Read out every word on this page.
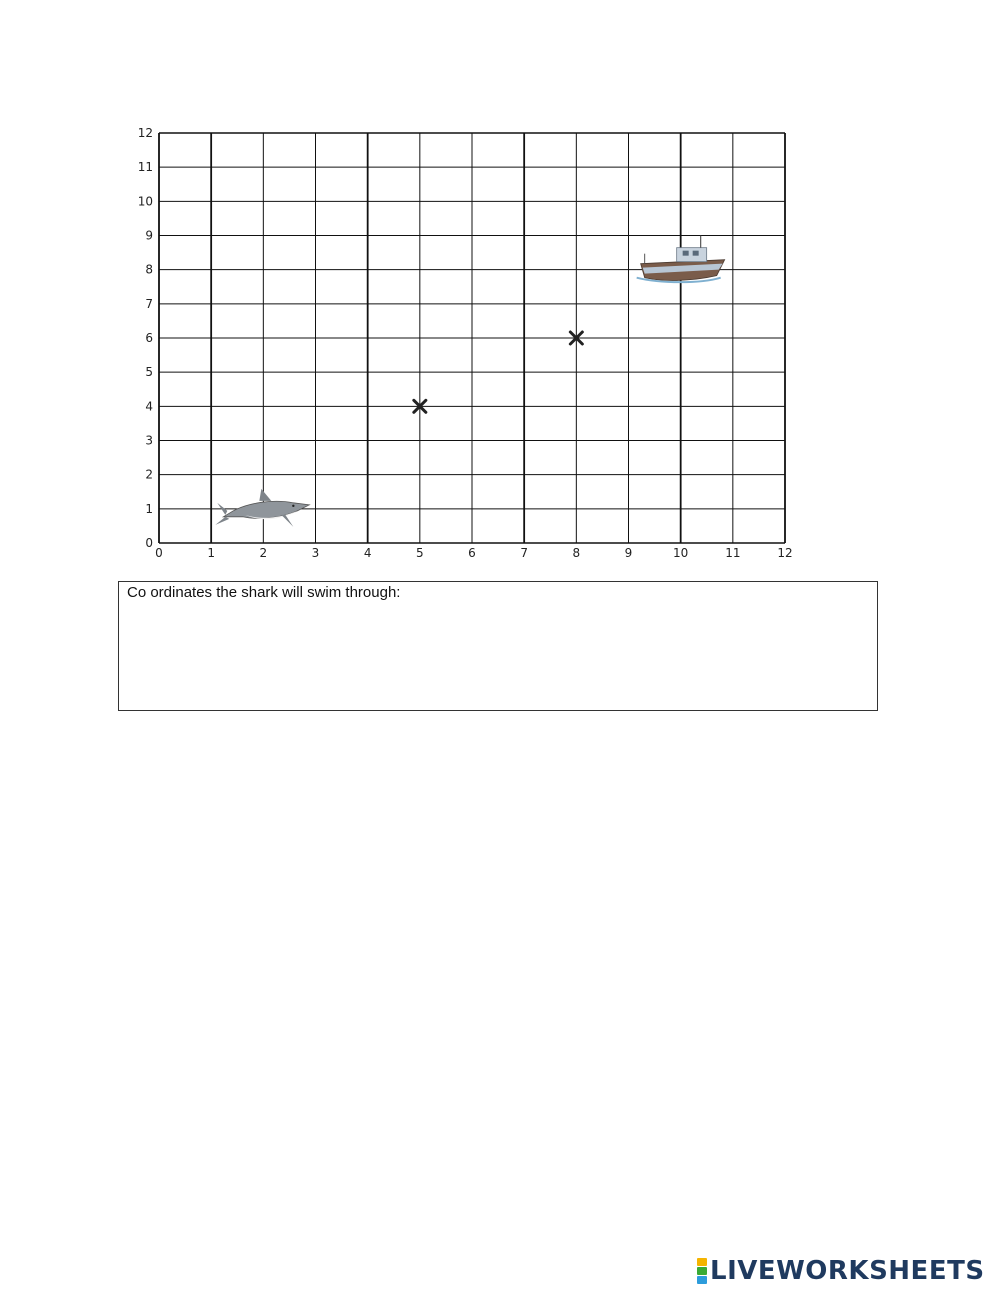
0	1	2	3	4	5	6	7	8	9	10	11	12
0
1
2
3
4
5
6
7
8
9
10
11
12
Co ordinates the shark will swim through:
LIVEWORKSHEETS
